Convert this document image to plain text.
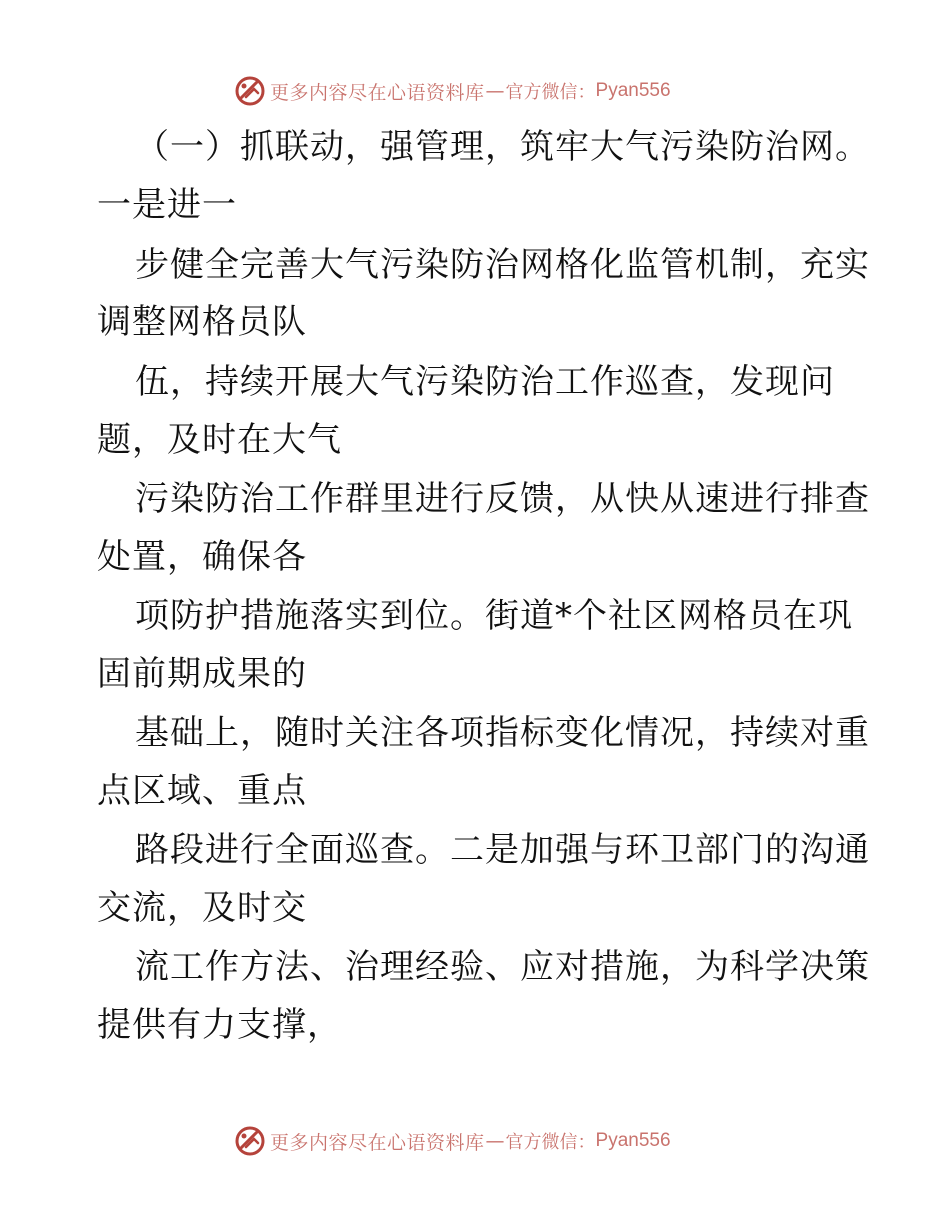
更多内容尽在心语资料库 — 官方微信： Pyan556
（一）抓联动，强管理，筑牢大气污染防治网。
一是进一
步健全完善大气污染防治网格化监管机制，充实
调整网格员队
伍，持续开展大气污染防治工作巡查，发现问
题，及时在大气
污染防治工作群里进行反馈，从快从速进行排查
处置，确保各
项防护措施落实到位。街道*个社区网格员在巩
固前期成果的
基础上，随时关注各项指标变化情况，持续对重
点区域、重点
路段进行全面巡查。二是加强与环卫部门的沟通
交流，及时交
流工作方法、治理经验、应对措施，为科学决策
提供有力支撑，
更多内容尽在心语资料库 — 官方微信： Pyan556
